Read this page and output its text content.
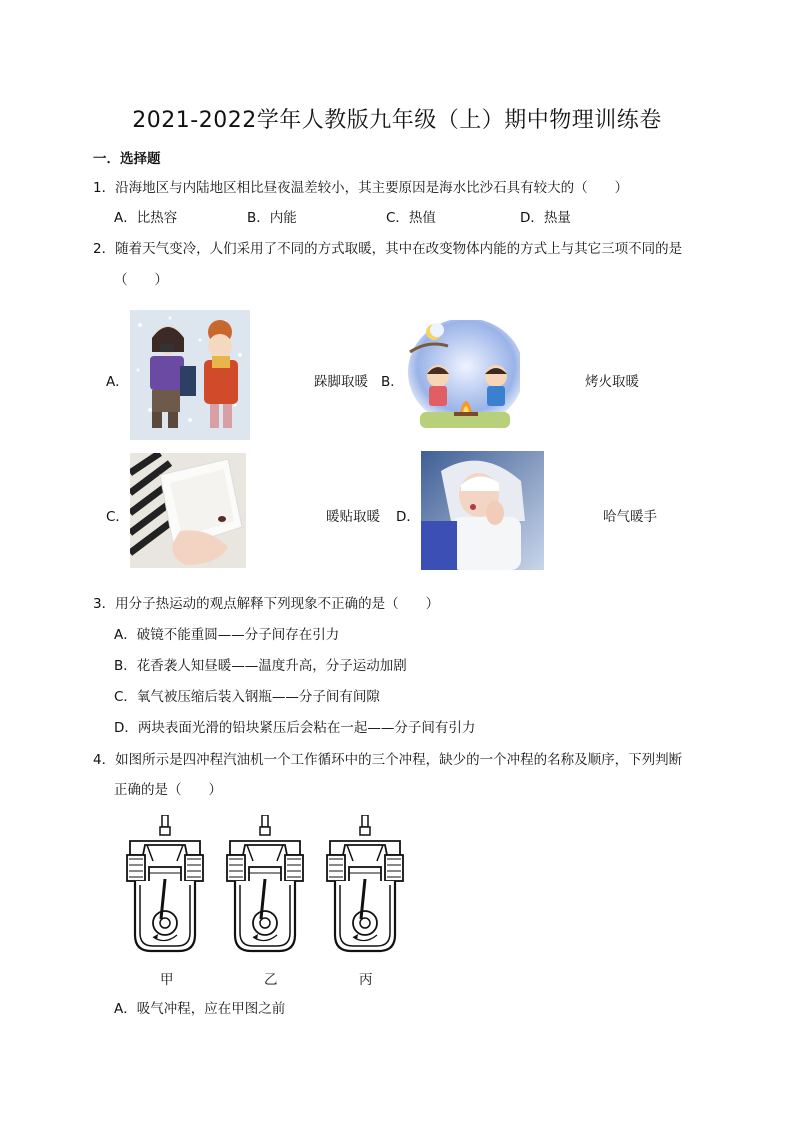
2021-2022学年人教版九年级（上）期中物理训练卷
一．选择题
1．沿海地区与内陆地区相比昼夜温差较小，其主要原因是海水比沙石具有较大的（　　）
A．比热容	B．内能	C．热值	D．热量
2．随着天气变冷，人们采用了不同的方式取暖，其中在改变物体内能的方式上与其它三项不同的是
（　　）
A．	跺脚取暖 B．	烤火取暖
C．	暖贴取暖 D．	哈气暖手
3．用分子热运动的观点解释下列现象不正确的是（　　）
A．破镜不能重圆——分子间存在引力
B．花香袭人知昼暖——温度升高，分子运动加剧
C．氧气被压缩后装入钢瓶——分子间有间隙
D．两块表面光滑的铅块紧压后会粘在一起——分子间有引力
4．如图所示是四冲程汽油机一个工作循环中的三个冲程，缺少的一个冲程的名称及顺序，下列判断
正确的是（　　）
甲	乙	丙
A．吸气冲程，应在甲图之前
